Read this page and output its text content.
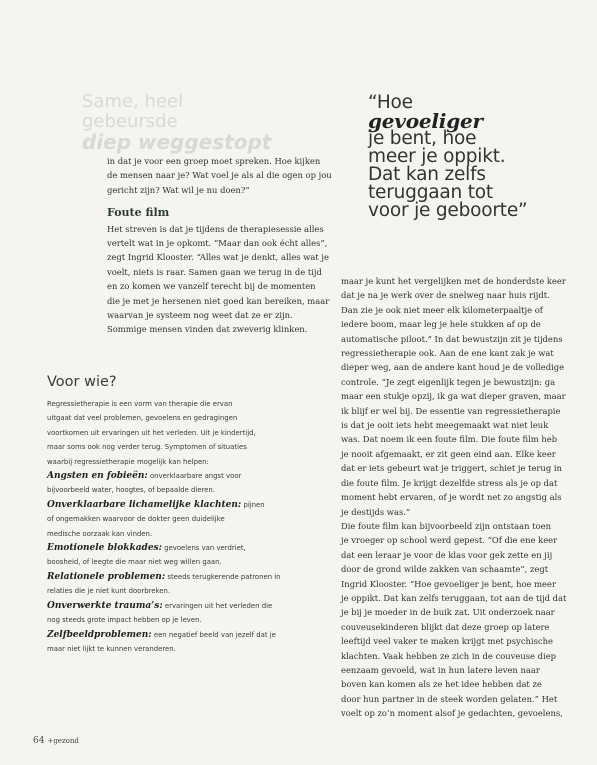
Same, heel
gebeursde
diep weggestopt
“Hoe
gevoeliger
je bent, hoe
meer je oppikt.
Dat kan zelfs
teruggaan tot
voor je geboorte”
in dat je voor een groep moet spreken. Hoe kijken
de mensen naar je? Wat voel je als al die ogen op jou
gericht zijn? Wat wil je nu doen?”
Foute film
Het streven is dat je tijdens de therapiesessie alles
vertelt wat in je opkomt. “Maar dan ook écht alles”,
zegt Ingrid Klooster. “Alles wat je denkt, alles wat je
voelt, niets is raar. Samen gaan we terug in de tijd
en zo komen we vanzelf terecht bij de momenten
die je met je hersenen niet goed kan bereiken, maar
waarvan je systeem nog weet dat ze er zijn.
Sommige mensen vinden dat zweverig klinken.
Voor wie?
Regressietherapie is een vorm van therapie die ervan
uitgaat dat veel problemen, gevoelens en gedragingen
voortkomen uit ervaringen uit het verleden. Uit je kindertijd,
maar soms ook nog verder terug. Symptomen of situaties
waarbij regressietherapie mogelijk kan helpen:
Angsten en fobieën: onverklaarbare angst voor
bijvoorbeeld water, hoogtes, of bepaalde dieren.
Onverklaarbare lichamelijke klachten: pijnen
of ongemakken waarvoor de dokter geen duidelijke
medische oorzaak kan vinden.
Emotionele blokkades: gevoelens van verdriet,
boosheid, of leegte die maar niet weg willen gaan.
Relationele problemen: steeds terugkerende patronen in
relaties die je niet kunt doorbreken.
Onverwerkte trauma’s: ervaringen uit het verleden die
nog steeds grote impact hebben op je leven.
Zelfbeeldproblemen: een negatief beeld van jezelf dat je
maar niet lijkt te kunnen veranderen.
maar je kunt het vergelijken met de honderdste keer
dat je na je werk over de snelweg naar huis rijdt.
Dan zie je ook niet meer elk kilometerpaaltje of
iedere boom, maar leg je hele stukken af op de
automatische piloot.” In dat bewustzijn zit je tijdens
regressietherapie ook. Aan de ene kant zak je wat
dieper weg, aan de andere kant houd je de volledige
controle. “Je zegt eigenlijk tegen je bewustzijn: ga
maar een stukje opzij, ik ga wat dieper graven, maar
ik blijf er wel bij. De essentie van regressietherapie
is dat je ooit iets hebt meegemaakt wat niet leuk
was. Dat noem ik een foute film. Die foute film heb
je nooit afgemaakt, er zit geen eind aan. Elke keer
dat er iets gebeurt wat je triggert, schiet je terug in
die foute film. Je krijgt dezelfde stress als je op dat
moment hebt ervaren, of je wordt net zo angstig als
je destijds was.”
Die foute film kan bijvoorbeeld zijn ontstaan toen
je vroeger op school werd gepest. “Of die ene keer
dat een leraar je voor de klas voor gek zette en jij
door de grond wilde zakken van schaamte”, zegt
Ingrid Klooster. “Hoe gevoeliger je bent, hoe meer
je oppikt. Dat kan zelfs teruggaan, tot aan de tijd dat
je bij je moeder in de buik zat. Uit onderzoek naar
couveusekinderen blijkt dat deze groep op latere
leeftijd veel vaker te maken krijgt met psychische
klachten. Vaak hebben ze zich in de couveuse diep
eenzaam gevoeld, wat in hun latere leven naar
boven kan komen als ze het idee hebben dat ze
door hun partner in de steek worden gelaten.” Het
voelt op zo’n moment alsof je gedachten, gevoelens,
64 +gezond
